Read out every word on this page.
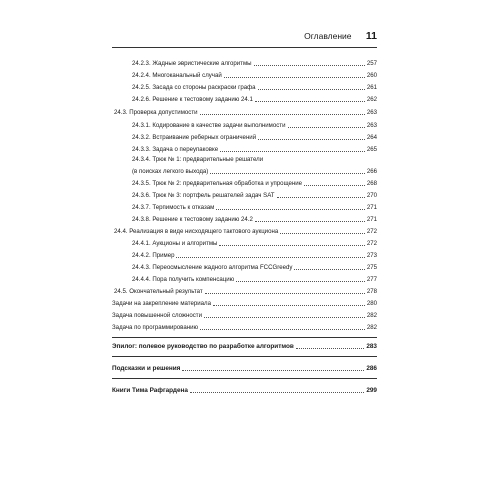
Оглавление 11
24.2.3. Жадные эвристические алгоритмы	257
24.2.4. Многоканальный случай	260
24.2.5. Засада со стороны раскраски графа	261
24.2.6. Решение к тестовому заданию 24.1	262
24.3. Проверка допустимости	263
24.3.1. Кодирование в качестве задачи выполнимости	263
24.3.2. Встраивание реберных ограничений	264
24.3.3. Задача о переупаковке	265
24.3.4. Трюк № 1: предварительные решатели
(в поисках легкого выхода)	266
24.3.5. Трюк № 2: предварительная обработка и упрощение	268
24.3.6. Трюк № 3: портфель решателей задач SAT	270
24.3.7. Терпимость к отказам	271
24.3.8. Решение к тестовому заданию 24.2	271
24.4. Реализация в виде нисходящего тактового аукциона	272
24.4.1. Аукционы и алгоритмы	272
24.4.2. Пример	273
24.4.3. Переосмысление жадного алгоритма FCCGreedy	275
24.4.4. Пора получить компенсацию	277
24.5. Окончательный результат	278
Задачи на закрепление материала	280
Задача повышенной сложности	282
Задача по программированию	282
Эпилог: полевое руководство по разработке алгоритмов	283
Подсказки и решения	286
Книги Тима Рафгардена	299
